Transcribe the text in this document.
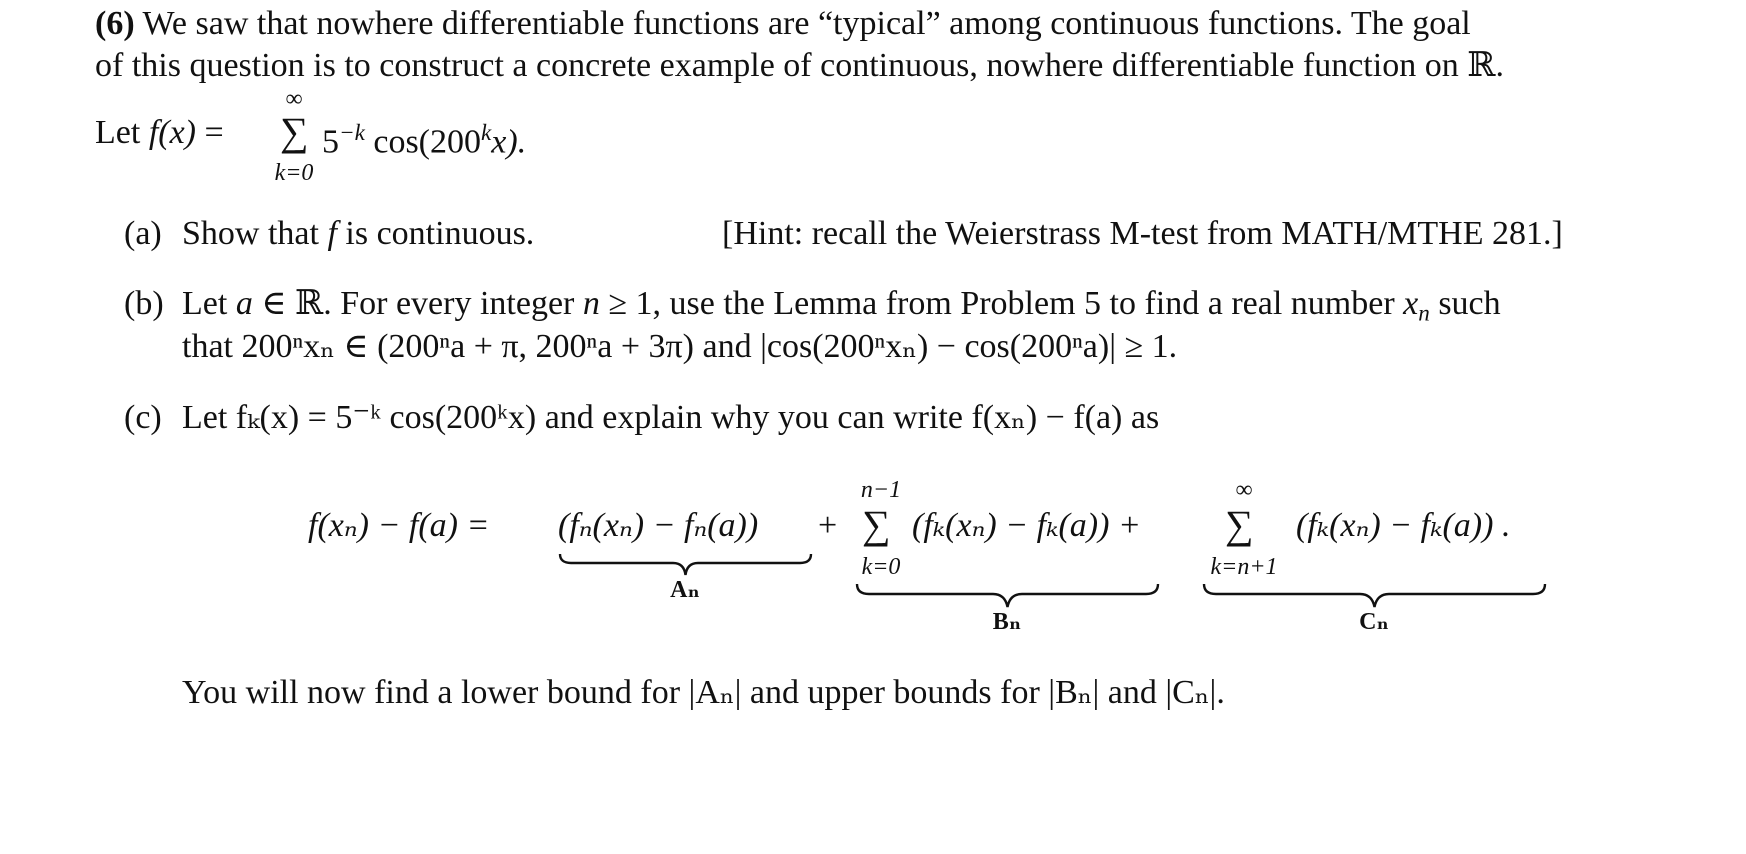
(6) We saw that nowhere differentiable functions are “typical” among continuous functions. The goal
of this question is to construct a concrete example of continuous, nowhere differentiable function on ℝ.
Let f(x) =
∞
∑
k=0
$5^{-k}$ cos(200$^k$x).
(a) Show that f is continuous.	[Hint: recall the Weierstrass M-test from MATH/MTHE 281.]
(b) Let a ∈ ℝ. For every integer n ≥ 1, use the Lemma from Problem 5 to find a real number $x_n$ such
that 200ⁿxₙ ∈ (200ⁿa + π, 200ⁿa + 3π) and |cos(200ⁿxₙ) − cos(200ⁿa)| ≥ 1.
(c) Let fₖ(x) = 5⁻ᵏ cos(200ᵏx) and explain why you can write f(xₙ) − f(a) as
f(xₙ) − f(a) = (fₙ(xₙ) − fₙ(a)) +
n−1
∑
k=0
(fₖ(xₙ) − fₖ(a)) +
∞
∑
k=n+1
(fₖ(xₙ) − fₖ(a)) .
Aₙ
Bₙ	Cₙ
You will now find a lower bound for |Aₙ| and upper bounds for |Bₙ| and |Cₙ|.
